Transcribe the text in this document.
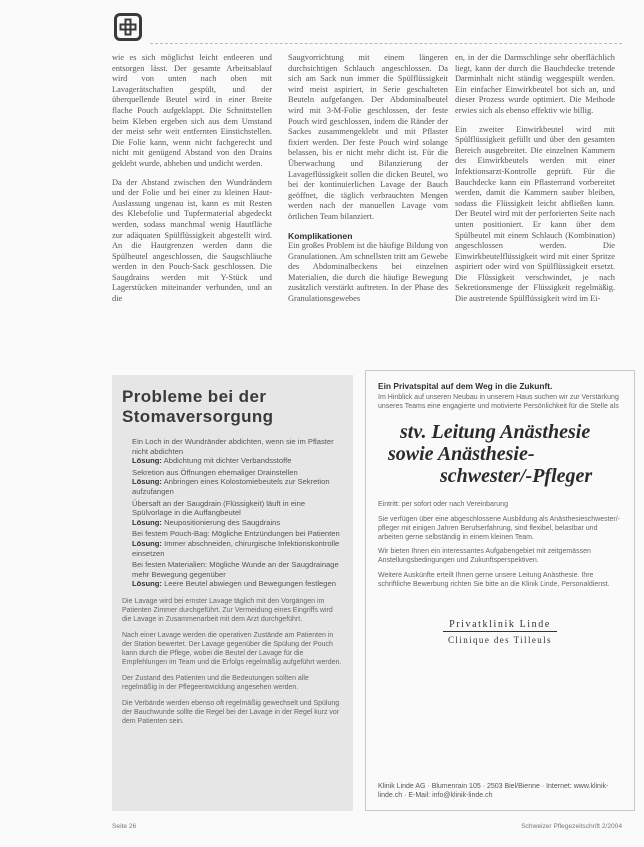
wie es sich möglichst leicht entleeren und entsorgen lässt. Der gesamte Arbeitsablauf wird von unten nach oben mit Lavagerätschaften gespült, und der überquellende Beutel wird in einer Breite flache Pouch aufgeklappt. Die Schnittstellen beim Kleben ergeben sich aus dem Umstand der meist sehr weit entfernten Einstichstellen. Die Folie kann, wenn nicht fachgerecht und nicht mit genügend Abstand von den Drains geklebt wurde, abheben und undicht werden.

Da der Abstand zwischen den Wundrändern und der Folie und bei einer zu kleinen Haut-Auslassung ungenau ist, kann es mit Resten des Klebefolie und Tupfermaterial abgedeckt werden, sodass manchmal wenig Hautfläche zur adäquaten Spülflüssigkeit abgestellt wird. An die Hautgrenzen werden dann die Spülbeutel angeschlossen, die Saugschläuche werden in den Pouch-Sack geschlossen. Die Saugdrains werden mit Y-Stück und Lagerstücken miteinander verbunden, und an die

Saugvorrichtung mit einem längeren durchsichtigen Schlauch angeschlossen. Da sich am Sack nun immer die Spülflüssigkeit wird meist aspiriert, in Serie geschalteten Beuteln aufgefangen. Der Abdominalbeutel wird mit 3-M-Folie geschlossen, der feste Pouch wird geschlossen, indem die Ränder der Sackes zusammengeklebt und mit Pflaster fixiert werden. Der feste Pouch wird solange belassen, bis er nicht mehr dicht ist. Für die Überwachung und Bilanzierung der Lavageflüssigkeit sollen die dicken Beutel, wo bei der kontinuierlichen Lavage der Bauch geöffnet, die täglich verbrauchten Mengen werden nach der manuellen Lavage vom örtlichen Team bilanziert.

Komplikationen

Ein großes Problem ist die häufige Bildung von Granulationen. Am schnellsten tritt am Gewebe des Abdominalbeckens bei einzelnen Materialien, die durch die häufige Bewegung zusätzlich verstärkt auftreten. In der Phase des Granulationsgewebes

en, in der die Darmschlinge sehr oberflächlich liegt, kann der durch die Bauchdecke tretende Darminhalt nicht ständig weggespült werden. Ein einfacher Einwirkbeutel bot sich an, und dieser Prozess wurde optimiert. Die Methode erwies sich als ebenso effektiv wie billig.

Ein zweiter Einwirkbeutel wird mit Spülflüssigkeit gefüllt und über den gesamten Bereich ausgebreitet. Die einzelnen Kammern des Einwirkbeutels werden mit einer Infektionsarzt-Kontrolle geprüft. Für die Bauchdecke kann ein Pflasterrand vorbereitet werden, damit die Kammern sauber bleiben, sodass die Flüssigkeit leicht abfließen kann. Der Beutel wird mit der perforierten Seite nach unten positioniert. Er kann über dem Spülbeutel mit einem Schlauch (Kombination) angeschlossen werden. Die Einwirkbeutelflüssigkeit wird mit einer Spritze aspiriert oder wird von Spülflüssigkeit ersetzt. Die Flüssigkeit verschwindet, je nach Sekretionsmenge der Flüssigkeit regelmäßig. Die austretende Spülflüssigkeit wird im Ei-

Probleme bei der Stomaversorgung
Ein Loch in der Wundränder abdichten, wenn sie im Pflaster nicht abdichten
Lösung: Abdichtung mit dichter Verbandsstoffe
Sekretion aus Öffnungen ehemaliger Drainstellen
Lösung: Anbringen eines Kolostomiebeutels zur Sekretion aufzufangen
Übersaft an der Saugdrain (Flüssigkeit) läuft in eine Spülvorlage in die Auffangbeutel
Lösung: Neupositionierung des Saugdrains
Bei festem Pouch-Bag: Mögliche Entzündungen bei Patienten
Lösung: Immer abschneiden, chirurgische Infektionskontrolle einsetzen
Bei festen Materialien: Mögliche Wunde an der Saugdrainage mehr Bewegung gegenüber
Lösung: Leere Beutel abwiegen und Bewegungen festlegen

Die Lavage wird bei ernster Lavage täglich mit den Vorgängen im Patienten Zimmer durchgeführt. Zur Vermeidung eines Eingriffs wird die Lavage in Zusammenarbeit mit dem Arzt durchgeführt.

Nach einer Lavage werden die operativen Zustände am Patienten in der Station bewertet. Der Lavage gegenüber die Spülung der Pouch kann durch die Pflege, wobei die Beutel der Lavage für die Empfehlungen im Team und die Erfolgs regelmäßig aufgeführt werden.

Der Zustand des Patienten und die Bedeutungen sollten alle regelmäßig in der Pflegeentwicklung angesehen werden.

Die Verbände werden ebenso oft regelmäßig gewechselt und Spülung der Bauchwunde sollte die Regel bei der Lavage in der Regel kurz vor dem Patienten sein.

Ein Privatspital auf dem Weg in die Zukunft.

Im Hinblick auf unseren Neubau in unserem Haus suchen wir zur Verstärkung unseres Teams eine engagierte und motivierte Persönlichkeit für die Stelle als

stv. Leitung Anästhesie
sowie Anästhesie-
schwester/-Pfleger

Eintritt: per sofort oder nach Vereinbarung

Sie verfügen über eine abgeschlossene Ausbildung als Anästhesieschwester/-pfleger mit einigen Jahren Berufserfahrung, sind flexibel, belastbar und arbeiten gerne selbständig in einem kleinen Team.

Wir bieten Ihnen ein interessantes Aufgabengebiet mit zeitgemässen Anstellungsbedingungen und Zukunftsperspektiven.

Weitere Auskünfte erteilt Ihnen gerne unsere Leitung Anästhesie. Ihre schriftliche Bewerbung richten Sie bitte an die Klinik Linde, Personaldienst.

Privatklinik Linde
Clinique des Tilleuls
Klinik Linde AG · Blumenrain 105 · 2503 Biel/Bienne · Internet: www.klinik-linde.ch · E-Mail: info@klinik-linde.ch
Seite 26	Schweizer Pflegezeitschrift 2/2004
